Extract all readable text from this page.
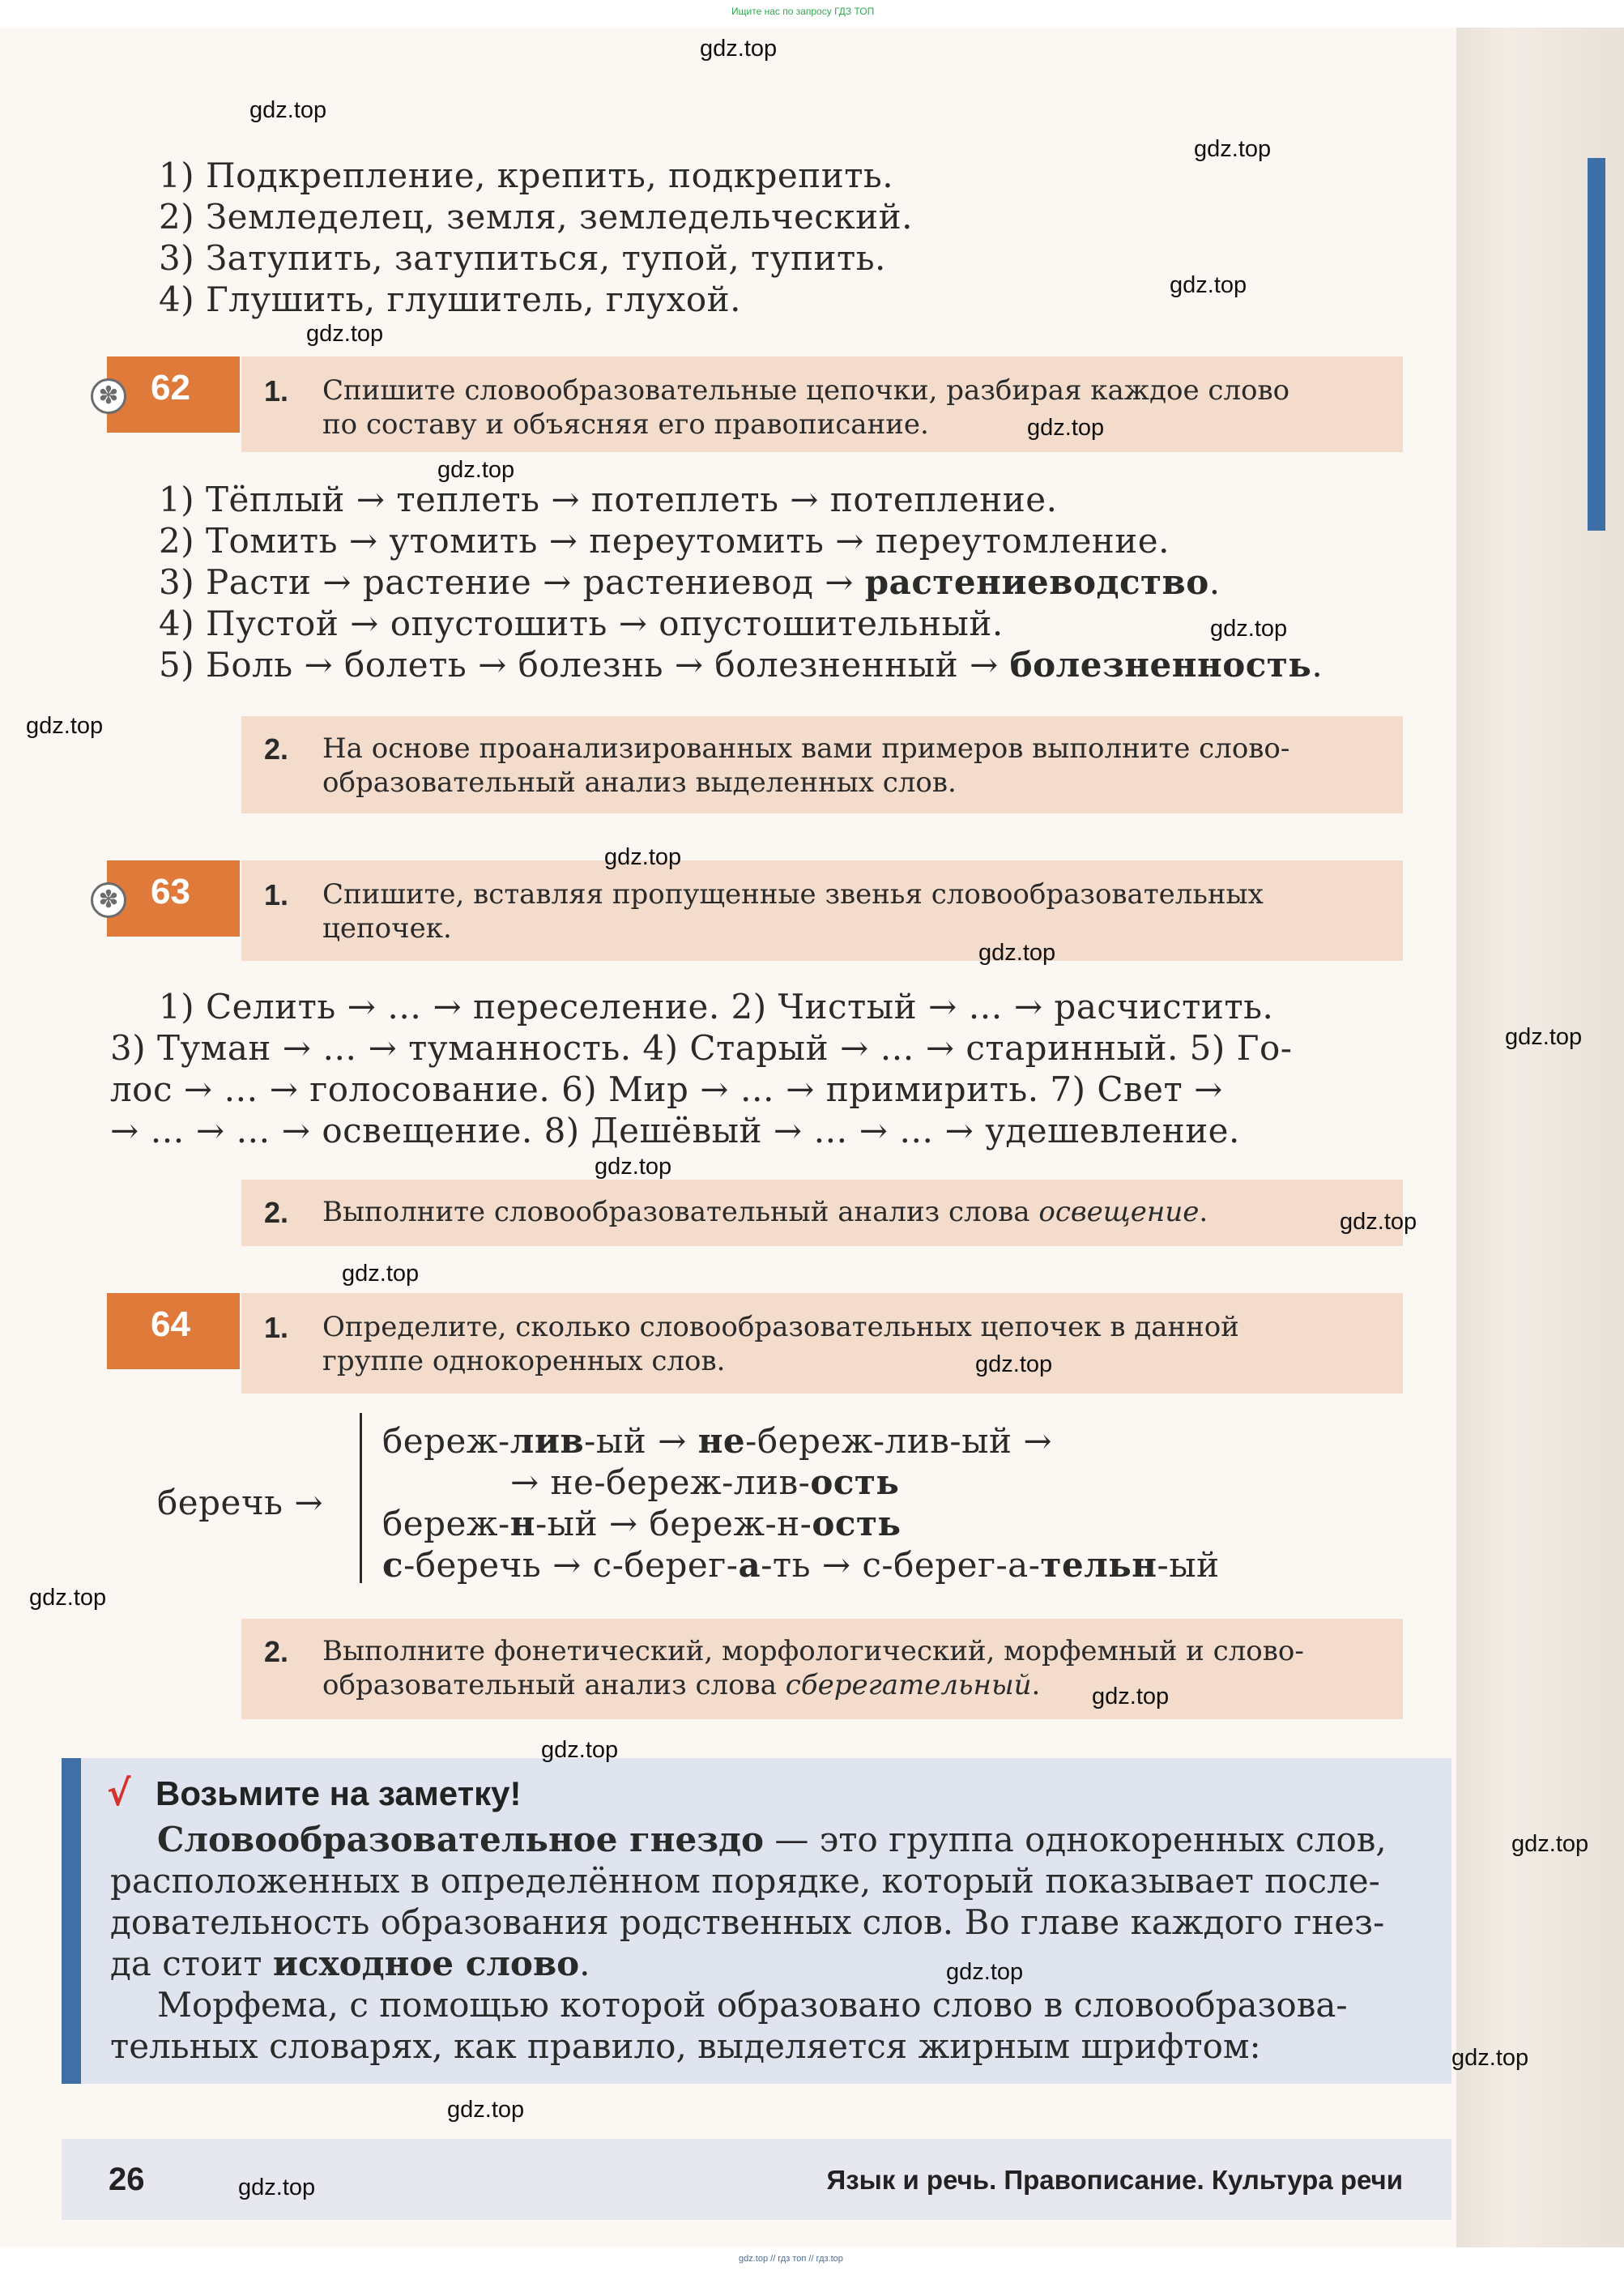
Ищите нас по запросу ГДЗ ТОП
1) Подкрепление, крепить, подкрепить.
2) Земледелец, земля, земледельческий.
3) Затупить, затупиться, тупой, тупить.
4) Глушить, глушитель, глухой.
✽ 62	1. Спишите словообразовательные цепочки, разбирая каждое слово
по составу и объясняя его правописание.
1) Тёплый → теплеть → потеплеть → потепление.
2) Томить → утомить → переутомить → переутомление.
3) Расти → растение → растениевод → растениеводство.
4) Пустой → опустошить → опустошительный.
5) Боль → болеть → болезнь → болезненный → болезненность.
2. На основе проанализированных вами примеров выполните слово-
образовательный анализ выделенных слов.
✽ 63	1. Спишите, вставляя пропущенные звенья словообразовательных
цепочек.
1) Селить → … → переселение. 2) Чистый → … → расчистить.
3) Туман → … → туманность. 4) Старый → … → старинный. 5) Го-
лос → … → голосование. 6) Мир → … → примирить. 7) Свет →
→ … → … → освещение. 8) Дешёвый → … → … → удешевление.
2. Выполните словообразовательный анализ слова освещение.
64	1. Определите, сколько словообразовательных цепочек в данной
группе однокоренных слов.
беречь →
береж-лив-ый → не-береж-лив-ый →
→ не-береж-лив-ость
береж-н-ый → береж-н-ость
с-беречь → с-берег-а-ть → с-берег-а-тельн-ый
2. Выполните фонетический, морфологический, морфемный и слово-
образовательный анализ слова сберегательный.
√ Возьмите на заметку!
Словообразовательное гнездо — это группа однокоренных слов,
расположенных в определённом порядке, который показывает после-
довательность образования родственных слов. Во главе каждого гнез-
да стоит исходное слово.
Морфема, с помощью которой образовано слово в словообразова-
тельных словарях, как правило, выделяется жирным шрифтом:
26	Язык и речь. Правописание. Культура речи
gdz.top // гдз топ // гдз.top
gdz.top
gdz.top
gdz.top
gdz.top
gdz.top
gdz.top
gdz.top
gdz.top
gdz.top
gdz.top
gdz.top
gdz.top
gdz.top
gdz.top
gdz.top
gdz.top
gdz.top
gdz.top
gdz.top
gdz.top
gdz.top
gdz.top
gdz.top
gdz.top
